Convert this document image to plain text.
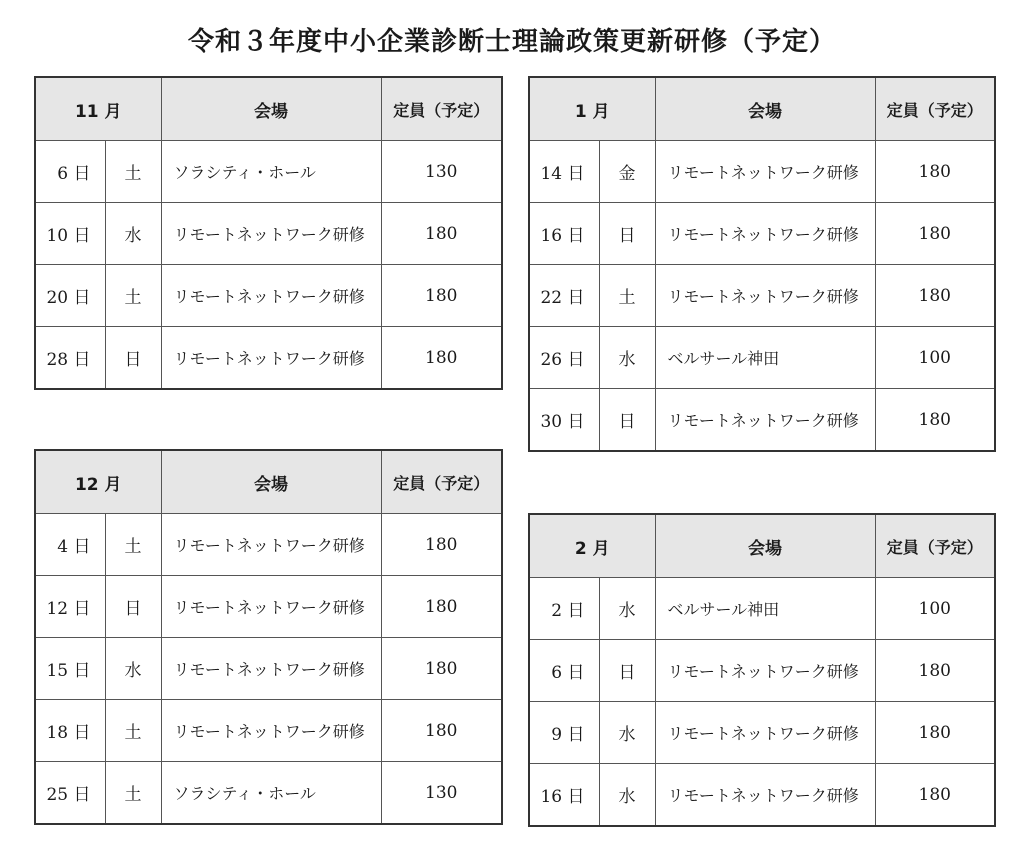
令和３年度中小企業診断士理論政策更新研修（予定）
11 月		会場	定員（予定）
6 日	土	ソラシティ・ホール	130
10 日	水	リモートネットワーク研修	180
20 日	土	リモートネットワーク研修	180
28 日	日	リモートネットワーク研修	180
12 月		会場	定員（予定）
4 日	土	リモートネットワーク研修	180
12 日	日	リモートネットワーク研修	180
15 日	水	リモートネットワーク研修	180
18 日	土	リモートネットワーク研修	180
25 日	土	ソラシティ・ホール	130
1 月		会場	定員（予定）
14 日	金	リモートネットワーク研修	180
16 日	日	リモートネットワーク研修	180
22 日	土	リモートネットワーク研修	180
26 日	水	ベルサール神田	100
30 日	日	リモートネットワーク研修	180
2 月		会場	定員（予定）
2 日	水	ベルサール神田	100
6 日	日	リモートネットワーク研修	180
9 日	水	リモートネットワーク研修	180
16 日	水	リモートネットワーク研修	180
